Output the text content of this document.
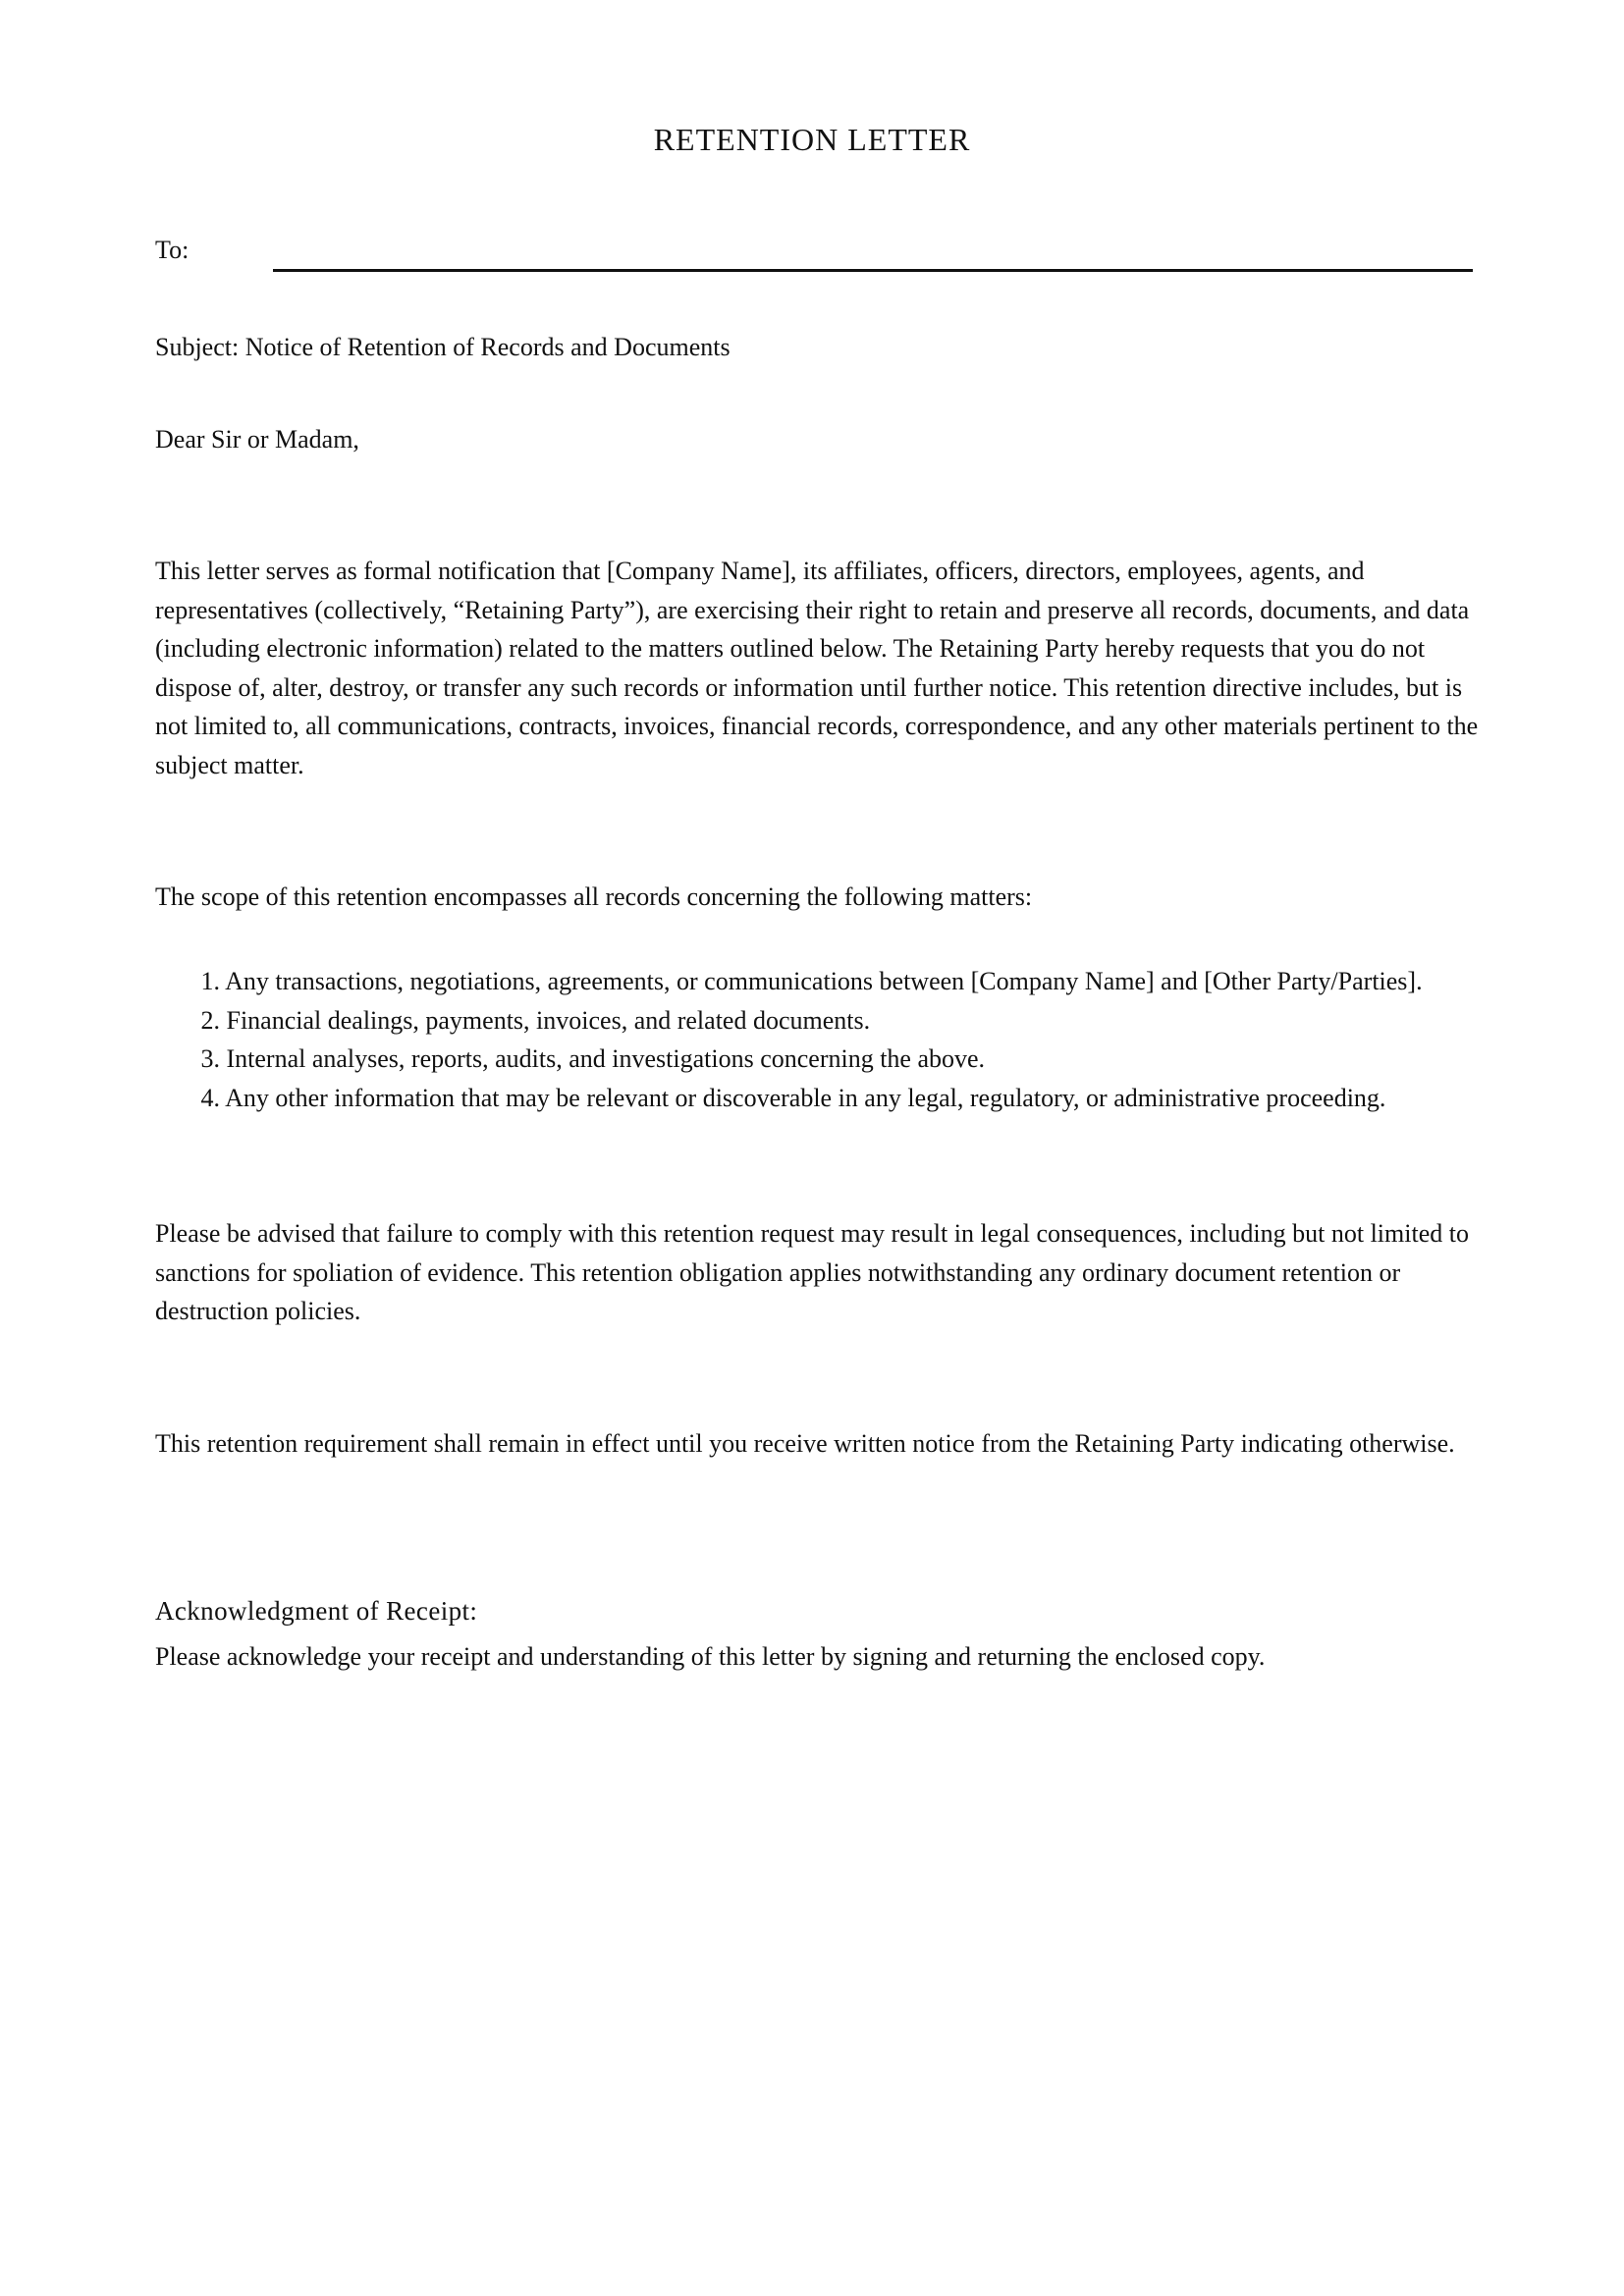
RETENTION LETTER
To:
Subject: Notice of Retention of Records and Documents
Dear Sir or Madam,
This letter serves as formal notification that [Company Name], its affiliates, officers, directors, employees, agents, and representatives (collectively, “Retaining Party”), are exercising their right to retain and preserve all records, documents, and data (including electronic information) related to the matters outlined below. The Retaining Party hereby requests that you do not dispose of, alter, destroy, or transfer any such records or information until further notice. This retention directive includes, but is not limited to, all communications, contracts, invoices, financial records, correspondence, and any other materials pertinent to the subject matter.
The scope of this retention encompasses all records concerning the following matters:
1. Any transactions, negotiations, agreements, or communications between [Company Name] and [Other Party/Parties].
2. Financial dealings, payments, invoices, and related documents.
3. Internal analyses, reports, audits, and investigations concerning the above.
4. Any other information that may be relevant or discoverable in any legal, regulatory, or administrative proceeding.
Please be advised that failure to comply with this retention request may result in legal consequences, including but not limited to sanctions for spoliation of evidence. This retention obligation applies notwithstanding any ordinary document retention or destruction policies.
This retention requirement shall remain in effect until you receive written notice from the Retaining Party indicating otherwise.
Acknowledgment of Receipt:
Please acknowledge your receipt and understanding of this letter by signing and returning the enclosed copy.
